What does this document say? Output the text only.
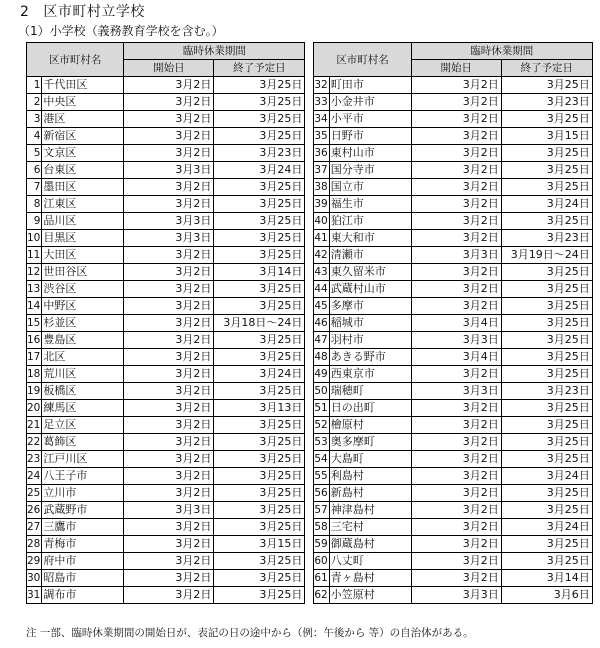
2 区市町村立学校
（1）小学校（義務教育学校を含む。）
区市町村名		臨時休業期間	
		開始日	終了予定日
1	千代田区	3月2日	3月25日
2	中央区	3月2日	3月25日
3	港区	3月2日	3月25日
4	新宿区	3月2日	3月25日
5	文京区	3月2日	3月23日
6	台東区	3月3日	3月24日
7	墨田区	3月2日	3月25日
8	江東区	3月2日	3月25日
9	品川区	3月3日	3月25日
10	目黒区	3月3日	3月25日
11	大田区	3月2日	3月25日
12	世田谷区	3月2日	3月14日
13	渋谷区	3月2日	3月25日
14	中野区	3月2日	3月25日
15	杉並区	3月2日	3月18日～24日
16	豊島区	3月2日	3月25日
17	北区	3月2日	3月25日
18	荒川区	3月2日	3月24日
19	板橋区	3月2日	3月25日
20	練馬区	3月2日	3月13日
21	足立区	3月2日	3月25日
22	葛飾区	3月2日	3月25日
23	江戸川区	3月2日	3月25日
24	八王子市	3月2日	3月25日
25	立川市	3月2日	3月25日
26	武蔵野市	3月3日	3月25日
27	三鷹市	3月2日	3月25日
28	青梅市	3月2日	3月15日
29	府中市	3月2日	3月25日
30	昭島市	3月2日	3月25日
31	調布市	3月2日	3月25日
区市町村名		臨時休業期間	
		開始日	終了予定日
32	町田市	3月2日	3月25日
33	小金井市	3月2日	3月23日
34	小平市	3月2日	3月25日
35	日野市	3月2日	3月15日
36	東村山市	3月2日	3月25日
37	国分寺市	3月2日	3月25日
38	国立市	3月2日	3月25日
39	福生市	3月2日	3月24日
40	狛江市	3月2日	3月25日
41	東大和市	3月2日	3月23日
42	清瀬市	3月3日	3月19日～24日
43	東久留米市	3月2日	3月25日
44	武蔵村山市	3月2日	3月25日
45	多摩市	3月2日	3月25日
46	稲城市	3月4日	3月25日
47	羽村市	3月3日	3月25日
48	あきる野市	3月4日	3月25日
49	西東京市	3月2日	3月25日
50	瑞穂町	3月3日	3月23日
51	日の出町	3月2日	3月25日
52	檜原村	3月2日	3月25日
53	奥多摩町	3月2日	3月25日
54	大島町	3月2日	3月25日
55	利島村	3月2日	3月24日
56	新島村	3月2日	3月25日
57	神津島村	3月2日	3月25日
58	三宅村	3月2日	3月24日
59	御蔵島村	3月2日	3月25日
60	八丈町	3月2日	3月25日
61	青ヶ島村	3月2日	3月14日
62	小笠原村	3月3日	3月6日
注 一部、臨時休業期間の開始日が、表記の日の途中から（例：午後から 等）の自治体がある。
